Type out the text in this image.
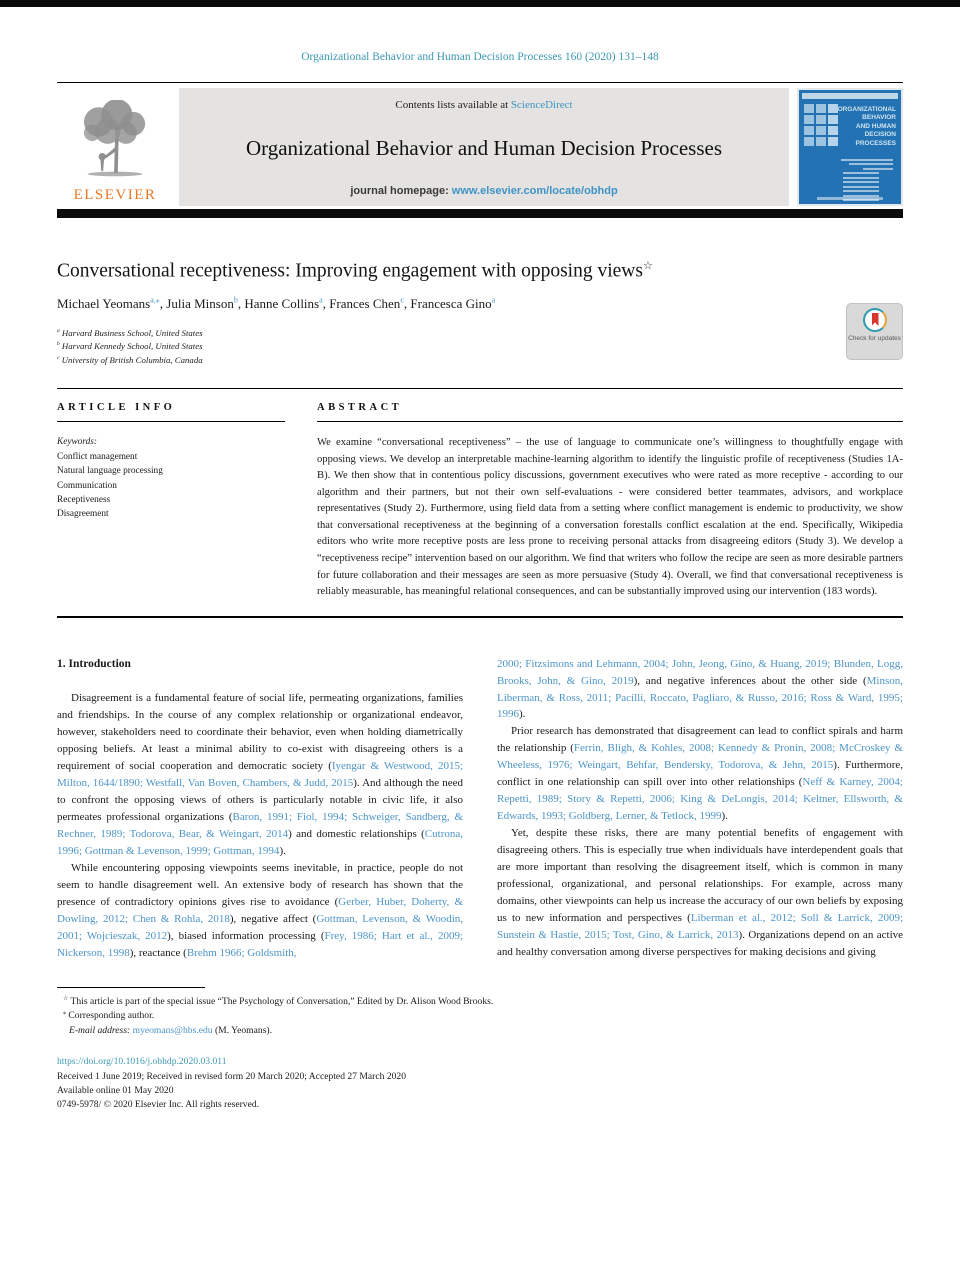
Organizational Behavior and Human Decision Processes 160 (2020) 131–148
ELSEVIER
Contents lists available at ScienceDirect
Organizational Behavior and Human Decision Processes
journal homepage: www.elsevier.com/locate/obhdp
ORGANIZATIONAL
BEHAVIOR
AND HUMAN
DECISION PROCESSES
Conversational receptiveness: Improving engagement with opposing views☆
Check for updates
Michael Yeomans$^{a,⁎}$, Julia Minson$^b$, Hanne Collins$^a$, Frances Chen$^c$, Francesca Gino$^a$
$^a$ Harvard Business School, United States
$^b$ Harvard Kennedy School, United States
$^c$ University of British Columbia, Canada
ARTICLE INFO
Keywords:
Conflict management
Natural language processing
Communication
Receptiveness
Disagreement
ABSTRACT
We examine “conversational receptiveness” – the use of language to communicate one’s willingness to thoughtfully engage with opposing views. We develop an interpretable machine-learning algorithm to identify the linguistic profile of receptiveness (Studies 1A-B). We then show that in contentious policy discussions, government executives who were rated as more receptive - according to our algorithm and their partners, but not their own self-evaluations - were considered better teammates, advisors, and workplace representatives (Study 2). Furthermore, using field data from a setting where conflict management is endemic to productivity, we show that conversational receptiveness at the beginning of a conversation forestalls conflict escalation at the end. Specifically, Wikipedia editors who write more receptive posts are less prone to receiving personal attacks from disagreeing editors (Study 3). We develop a “receptiveness recipe” intervention based on our algorithm. We find that writers who follow the recipe are seen as more desirable partners for future collaboration and their messages are seen as more persuasive (Study 4). Overall, we find that conversational receptiveness is reliably measurable, has meaningful relational consequences, and can be substantially improved using our intervention (183 words).
1. Introduction

Disagreement is a fundamental feature of social life, permeating organizations, families and friendships. In the course of any complex relationship or organizational endeavor, however, stakeholders need to coordinate their behavior, even when holding diametrically opposing beliefs. At least a minimal ability to co-exist with disagreeing others is a requirement of social cooperation and democratic society (Iyengar & Westwood, 2015; Milton, 1644/1890; Westfall, Van Boven, Chambers, & Judd, 2015). And although the need to confront the opposing views of others is particularly notable in civic life, it also permeates professional organizations (Baron, 1991; Fiol, 1994; Schweiger, Sandberg, & Rechner, 1989; Todorova, Bear, & Weingart, 2014) and domestic relationships (Cutrona, 1996; Gottman & Levenson, 1999; Gottman, 1994).

While encountering opposing viewpoints seems inevitable, in practice, people do not seem to handle disagreement well. An extensive body of research has shown that the presence of contradictory opinions gives rise to avoidance (Gerber, Huber, Doherty, & Dowling, 2012; Chen & Rohla, 2018), negative affect (Gottman, Levenson, & Woodin, 2001; Wojcieszak, 2012), biased information processing (Frey, 1986; Hart et al., 2009; Nickerson, 1998), reactance (Brehm 1966; Goldsmith,

2000; Fitzsimons and Lehmann, 2004; John, Jeong, Gino, & Huang, 2019; Blunden, Logg, Brooks, John, & Gino, 2019), and negative inferences about the other side (Minson, Liberman, & Ross, 2011; Pacilli, Roccato, Pagliaro, & Russo, 2016; Ross & Ward, 1995; 1996).

Prior research has demonstrated that disagreement can lead to conflict spirals and harm the relationship (Ferrin, Bligh, & Kohles, 2008; Kennedy & Pronin, 2008; McCroskey & Wheeless, 1976; Weingart, Behfar, Bendersky, Todorova, & Jehn, 2015). Furthermore, conflict in one relationship can spill over into other relationships (Neff & Karney, 2004; Repetti, 1989; Story & Repetti, 2006; King & DeLongis, 2014; Keltner, Ellsworth, & Edwards, 1993; Goldberg, Lerner, & Tetlock, 1999).

Yet, despite these risks, there are many potential benefits of engagement with disagreeing others. This is especially true when individuals have interdependent goals that are more important than resolving the disagreement itself, which is common in many professional, organizational, and personal relationships. For example, across many domains, other viewpoints can help us increase the accuracy of our own beliefs by exposing us to new information and perspectives (Liberman et al., 2012; Soll & Larrick, 2009; Sunstein & Hastie, 2015; Tost, Gino, & Larrick, 2013). Organizations depend on an active and healthy conversation among diverse perspectives for making decisions and giving

☆ This article is part of the special issue “The Psychology of Conversation,” Edited by Dr. Alison Wood Brooks.

⁎ Corresponding author.

E-mail address: myeomans@hbs.edu (M. Yeomans).

https://doi.org/10.1016/j.obhdp.2020.03.011
Received 1 June 2019; Received in revised form 20 March 2020; Accepted 27 March 2020
Available online 01 May 2020
0749-5978/ © 2020 Elsevier Inc. All rights reserved.
